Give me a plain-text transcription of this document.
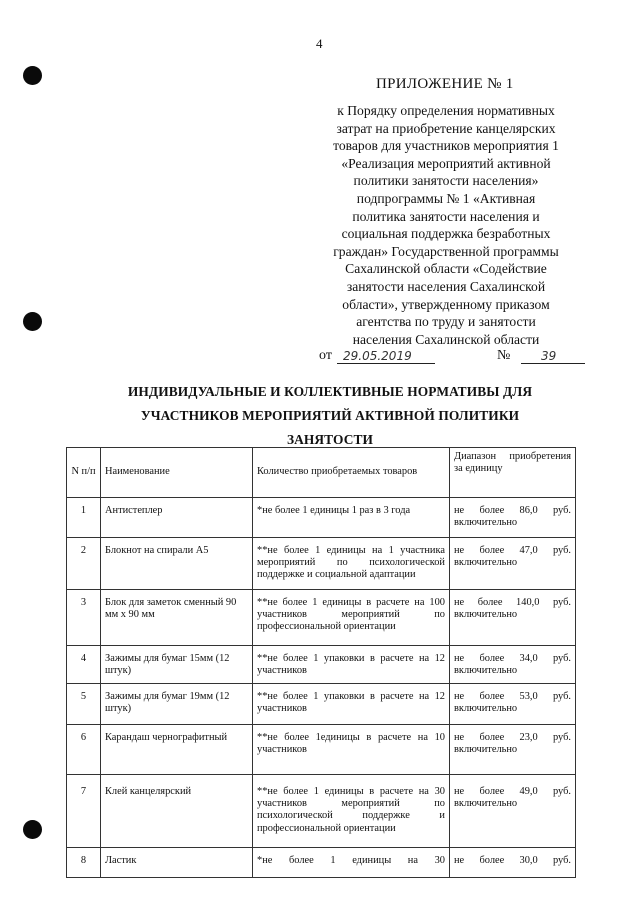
4
ПРИЛОЖЕНИЕ № 1
к Порядку определения нормативных
затрат на приобретение канцелярских
товаров для участников мероприятия 1
«Реализация мероприятий активной
политики занятости населения»
подпрограммы № 1 «Активная
политика занятости населения и
социальная поддержка безработных
граждан» Государственной программы
Сахалинской области «Содействие
занятости населения Сахалинской
области», утвержденному приказом
агентства по труду и занятости
населения Сахалинской области
от 29.05.2019	№	39
ИНДИВИДУАЛЬНЫЕ И КОЛЛЕКТИВНЫЕ НОРМАТИВЫ ДЛЯ
УЧАСТНИКОВ МЕРОПРИЯТИЙ АКТИВНОЙ ПОЛИТИКИ ЗАНЯТОСТИ
N п/п	Наименование	Количество приобретаемых товаров	Диапазон приобретения за единицу
1	Антистеплер	*не более 1 единицы 1 раз в 3 года	не более 86,0 руб. включительно
2	Блокнот на спирали А5	**не более 1 единицы на 1 участника мероприятий по психологической поддержке и социальной адаптации	не более 47,0 руб. включительно
3	Блок для заметок сменный 90 мм х 90 мм	**не более 1 единицы в расчете на 100 участников мероприятий по профессиональной ориентации	не более 140,0 руб. включительно
4	Зажимы для бумаг 15мм (12 штук)	**не более 1 упаковки в расчете на 12 участников	не более 34,0 руб. включительно
5	Зажимы для бумаг 19мм (12 штук)	**не более 1 упаковки в расчете на 12 участников	не более 53,0 руб. включительно
6	Карандаш чернографитный	**не более 1единицы в расчете на 10 участников	не более 23,0 руб. включительно
7	Клей канцелярский	**не более 1 единицы в расчете на 30 участников мероприятий по психологической поддержке и профессиональной ориентации	не более 49,0 руб. включительно
8	Ластик	*не более 1 единицы на 30	не более 30,0 руб.
